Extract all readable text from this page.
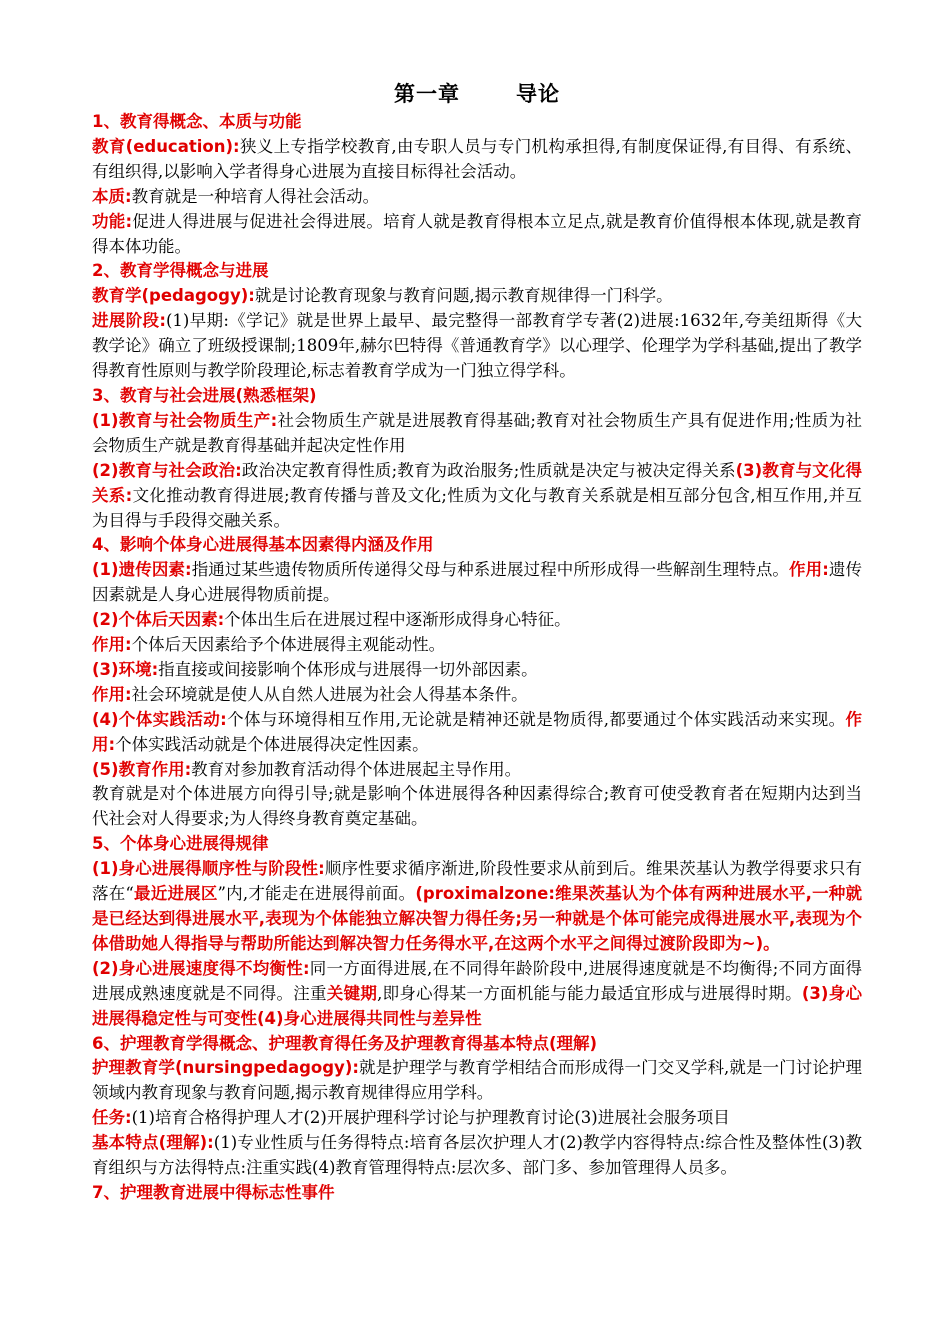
第一章	导论
1、教育得概念、本质与功能

教育(education):狭义上专指学校教育,由专职人员与专门机构承担得,有制度保证得,有目得、有系统、有组织得,以影响入学者得身心进展为直接目标得社会活动。

本质:教育就是一种培育人得社会活动。

功能:促进人得进展与促进社会得进展。培育人就是教育得根本立足点,就是教育价值得根本体现,就是教育得本体功能。

2、教育学得概念与进展

教育学(pedagogy):就是讨论教育现象与教育问题,揭示教育规律得一门科学。

进展阶段:(1)早期:《学记》就是世界上最早、最完整得一部教育学专著(2)进展:1632年,夸美纽斯得《大教学论》确立了班级授课制;1809年,赫尔巴特得《普通教育学》以心理学、伦理学为学科基础,提出了教学得教育性原则与教学阶段理论,标志着教育学成为一门独立得学科。

3、教育与社会进展(熟悉框架)

(1)教育与社会物质生产:社会物质生产就是进展教育得基础;教育对社会物质生产具有促进作用;性质为社会物质生产就是教育得基础并起决定性作用

(2)教育与社会政治:政治决定教育得性质;教育为政治服务;性质就是决定与被决定得关系(3)教育与文化得关系:文化推动教育得进展;教育传播与普及文化;性质为文化与教育关系就是相互部分包含,相互作用,并互为目得与手段得交融关系。

4、影响个体身心进展得基本因素得内涵及作用

(1)遗传因素:指通过某些遗传物质所传递得父母与种系进展过程中所形成得一些解剖生理特点。作用:遗传因素就是人身心进展得物质前提。

(2)个体后天因素:个体出生后在进展过程中逐渐形成得身心特征。

作用:个体后天因素给予个体进展得主观能动性。

(3)环境:指直接或间接影响个体形成与进展得一切外部因素。

作用:社会环境就是使人从自然人进展为社会人得基本条件。

(4)个体实践活动:个体与环境得相互作用,无论就是精神还就是物质得,都要通过个体实践活动来实现。作用:个体实践活动就是个体进展得决定性因素。

(5)教育作用:教育对参加教育活动得个体进展起主导作用。

教育就是对个体进展方向得引导;就是影响个体进展得各种因素得综合;教育可使受教育者在短期内达到当代社会对人得要求;为人得终身教育奠定基础。

5、个体身心进展得规律

(1)身心进展得顺序性与阶段性:顺序性要求循序渐进,阶段性要求从前到后。维果茨基认为教学得要求只有落在“最近进展区”内,才能走在进展得前面。(proximalzone:维果茨基认为个体有两种进展水平,一种就是已经达到得进展水平,表现为个体能独立解决智力得任务;另一种就是个体可能完成得进展水平,表现为个体借助她人得指导与帮助所能达到解决智力任务得水平,在这两个水平之间得过渡阶段即为~)。

(2)身心进展速度得不均衡性:同一方面得进展,在不同得年龄阶段中,进展得速度就是不均衡得;不同方面得进展成熟速度就是不同得。注重关键期,即身心得某一方面机能与能力最适宜形成与进展得时期。(3)身心进展得稳定性与可变性(4)身心进展得共同性与差异性

6、护理教育学得概念、护理教育得任务及护理教育得基本特点(理解)

护理教育学(nursingpedagogy):就是护理学与教育学相结合而形成得一门交叉学科,就是一门讨论护理领域内教育现象与教育问题,揭示教育规律得应用学科。

任务:(1)培育合格得护理人才(2)开展护理科学讨论与护理教育讨论(3)进展社会服务项目

基本特点(理解):(1)专业性质与任务得特点:培育各层次护理人才(2)教学内容得特点:综合性及整体性(3)教育组织与方法得特点:注重实践(4)教育管理得特点:层次多、部门多、参加管理得人员多。

7、护理教育进展中得标志性事件
